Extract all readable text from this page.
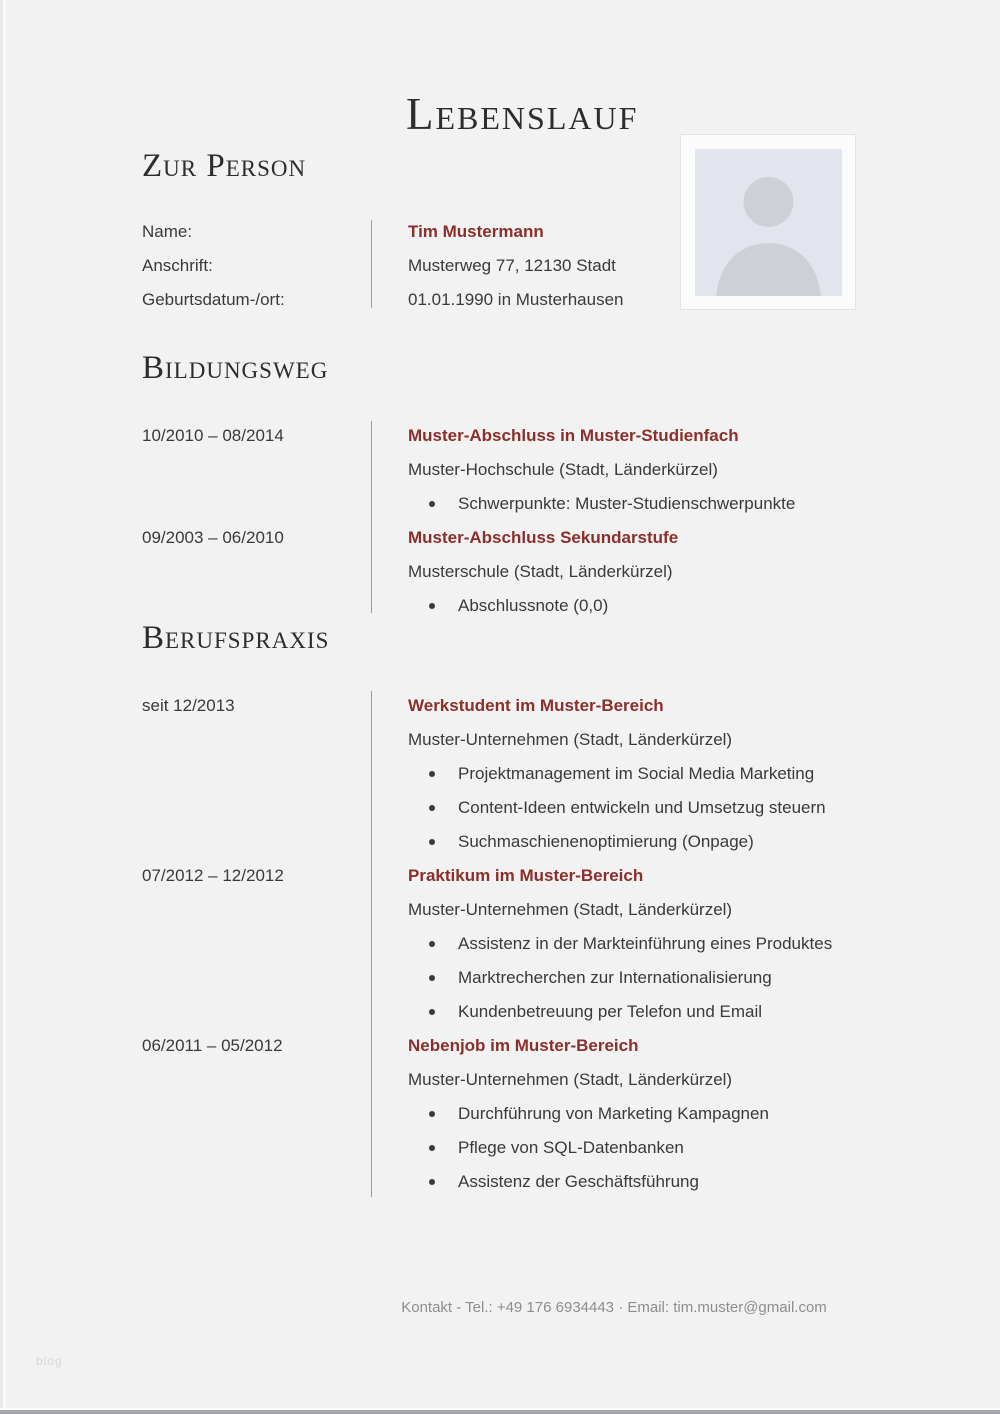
Lebenslauf
Zur Person
Name:	Tim Mustermann
Anschrift:	Musterweg 77, 12130 Stadt
Geburtsdatum-/ort:	01.01.1990 in Musterhausen
Bildungsweg
10/2010 – 08/2014	Muster-Abschluss in Muster-Studienfach
Muster-Hochschule (Stadt, Länderkürzel)
Schwerpunkte: Muster-Studienschwerpunkte
09/2003 – 06/2010	Muster-Abschluss Sekundarstufe
Musterschule (Stadt, Länderkürzel)
Abschlussnote (0,0)
Berufspraxis
seit 12/2013	Werkstudent im Muster-Bereich
Muster-Unternehmen (Stadt, Länderkürzel)
Projektmanagement im Social Media Marketing
Content-Ideen entwickeln und Umsetzug steuern
Suchmaschienenoptimierung (Onpage)
07/2012 – 12/2012	Praktikum im Muster-Bereich
Muster-Unternehmen (Stadt, Länderkürzel)
Assistenz in der Markteinführung eines Produktes
Marktrecherchen zur Internationalisierung
Kundenbetreuung per Telefon und Email
06/2011 – 05/2012	Nebenjob im Muster-Bereich
Muster-Unternehmen (Stadt, Länderkürzel)
Durchführung von Marketing Kampagnen
Pflege von SQL-Datenbanken
Assistenz der Geschäftsführung
Kontakt - Tel.: +49 176 6934443 · Email: tim.muster@gmail.com
blog
